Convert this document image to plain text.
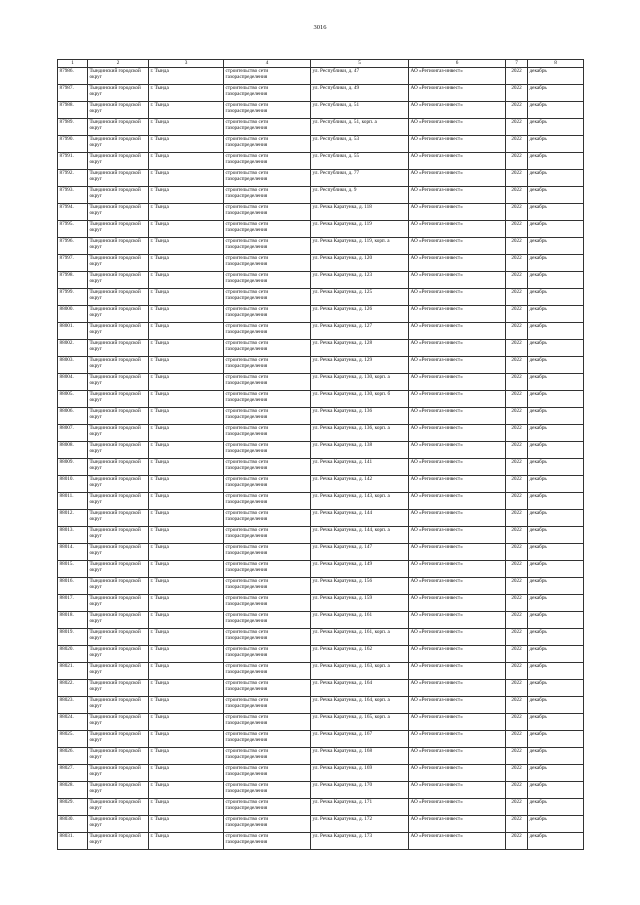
3016
1	2	3	4	5	6	7	8
87986.	Тындинский городской округ	г. Тында	строительство сети газораспределения	ул. Республики, д. 47	АО «Регионгаз-инвест»	2022	декабрь
87987.	Тындинский городской округ	г. Тында	строительство сети газораспределения	ул. Республики, д. 49	АО «Регионгаз-инвест»	2022	декабрь
87988.	Тындинский городской округ	г. Тында	строительство сети газораспределения	ул. Республики, д. 51	АО «Регионгаз-инвест»	2022	декабрь
87989.	Тындинский городской округ	г. Тында	строительство сети газораспределения	ул. Республики, д. 51, корп. а	АО «Регионгаз-инвест»	2022	декабрь
87990.	Тындинский городской округ	г. Тында	строительство сети газораспределения	ул. Республики, д. 53	АО «Регионгаз-инвест»	2022	декабрь
87991.	Тындинский городской округ	г. Тында	строительство сети газораспределения	ул. Республики, д. 55	АО «Регионгаз-инвест»	2022	декабрь
87992.	Тындинский городской округ	г. Тында	строительство сети газораспределения	ул. Республики, д. 77	АО «Регионгаз-инвест»	2022	декабрь
87993.	Тындинский городской округ	г. Тында	строительство сети газораспределения	ул. Республики, д. 9	АО «Регионгаз-инвест»	2022	декабрь
87994.	Тындинский городской округ	г. Тында	строительство сети газораспределения	ул. Речка Каратунка, д. 118	АО «Регионгаз-инвест»	2022	декабрь
87995.	Тындинский городской округ	г. Тында	строительство сети газораспределения	ул. Речка Каратунка, д. 119	АО «Регионгаз-инвест»	2022	декабрь
87996.	Тындинский городской округ	г. Тында	строительство сети газораспределения	ул. Речка Каратунка, д. 119, корп. а	АО «Регионгаз-инвест»	2022	декабрь
87997.	Тындинский городской округ	г. Тында	строительство сети газораспределения	ул. Речка Каратунка, д. 120	АО «Регионгаз-инвест»	2022	декабрь
87998.	Тындинский городской округ	г. Тында	строительство сети газораспределения	ул. Речка Каратунка, д. 123	АО «Регионгаз-инвест»	2022	декабрь
87999.	Тындинский городской округ	г. Тында	строительство сети газораспределения	ул. Речка Каратунка, д. 125	АО «Регионгаз-инвест»	2022	декабрь
88000.	Тындинский городской округ	г. Тында	строительство сети газораспределения	ул. Речка Каратунка, д. 126	АО «Регионгаз-инвест»	2022	декабрь
88001.	Тындинский городской округ	г. Тында	строительство сети газораспределения	ул. Речка Каратунка, д. 127	АО «Регионгаз-инвест»	2022	декабрь
88002.	Тындинский городской округ	г. Тында	строительство сети газораспределения	ул. Речка Каратунка, д. 128	АО «Регионгаз-инвест»	2022	декабрь
88003.	Тындинский городской округ	г. Тында	строительство сети газораспределения	ул. Речка Каратунка, д. 129	АО «Регионгаз-инвест»	2022	декабрь
88004.	Тындинский городской округ	г. Тында	строительство сети газораспределения	ул. Речка Каратунка, д. 130, корп. а	АО «Регионгаз-инвест»	2022	декабрь
88005.	Тындинский городской округ	г. Тында	строительство сети газораспределения	ул. Речка Каратунка, д. 130, корп. б	АО «Регионгаз-инвест»	2022	декабрь
88006.	Тындинский городской округ	г. Тында	строительство сети газораспределения	ул. Речка Каратунка, д. 136	АО «Регионгаз-инвест»	2022	декабрь
88007.	Тындинский городской округ	г. Тында	строительство сети газораспределения	ул. Речка Каратунка, д. 136, корп. а	АО «Регионгаз-инвест»	2022	декабрь
88008.	Тындинский городской округ	г. Тында	строительство сети газораспределения	ул. Речка Каратунка, д. 138	АО «Регионгаз-инвест»	2022	декабрь
88009.	Тындинский городской округ	г. Тында	строительство сети газораспределения	ул. Речка Каратунка, д. 141	АО «Регионгаз-инвест»	2022	декабрь
88010.	Тындинский городской округ	г. Тында	строительство сети газораспределения	ул. Речка Каратунка, д. 142	АО «Регионгаз-инвест»	2022	декабрь
88011.	Тындинский городской округ	г. Тында	строительство сети газораспределения	ул. Речка Каратунка, д. 143, корп. а	АО «Регионгаз-инвест»	2022	декабрь
88012.	Тындинский городской округ	г. Тында	строительство сети газораспределения	ул. Речка Каратунка, д. 144	АО «Регионгаз-инвест»	2022	декабрь
88013.	Тындинский городской округ	г. Тында	строительство сети газораспределения	ул. Речка Каратунка, д. 144, корп. а	АО «Регионгаз-инвест»	2022	декабрь
88014.	Тындинский городской округ	г. Тында	строительство сети газораспределения	ул. Речка Каратунка, д. 147	АО «Регионгаз-инвест»	2022	декабрь
88015.	Тындинский городской округ	г. Тында	строительство сети газораспределения	ул. Речка Каратунка, д. 149	АО «Регионгаз-инвест»	2022	декабрь
88016.	Тындинский городской округ	г. Тында	строительство сети газораспределения	ул. Речка Каратунка, д. 156	АО «Регионгаз-инвест»	2022	декабрь
88017.	Тындинский городской округ	г. Тында	строительство сети газораспределения	ул. Речка Каратунка, д. 159	АО «Регионгаз-инвест»	2022	декабрь
88018.	Тындинский городской округ	г. Тында	строительство сети газораспределения	ул. Речка Каратунка, д. 161	АО «Регионгаз-инвест»	2022	декабрь
88019.	Тындинский городской округ	г. Тында	строительство сети газораспределения	ул. Речка Каратунка, д. 161, корп. а	АО «Регионгаз-инвест»	2022	декабрь
88020.	Тындинский городской округ	г. Тында	строительство сети газораспределения	ул. Речка Каратунка, д. 162	АО «Регионгаз-инвест»	2022	декабрь
88021.	Тындинский городской округ	г. Тында	строительство сети газораспределения	ул. Речка Каратунка, д. 163, корп. а	АО «Регионгаз-инвест»	2022	декабрь
88022.	Тындинский городской округ	г. Тында	строительство сети газораспределения	ул. Речка Каратунка, д. 164	АО «Регионгаз-инвест»	2022	декабрь
88023.	Тындинский городской округ	г. Тында	строительство сети газораспределения	ул. Речка Каратунка, д. 164, корп. а	АО «Регионгаз-инвест»	2022	декабрь
88024.	Тындинский городской округ	г. Тында	строительство сети газораспределения	ул. Речка Каратунка, д. 165, корп. а	АО «Регионгаз-инвест»	2022	декабрь
88025.	Тындинский городской округ	г. Тында	строительство сети газораспределения	ул. Речка Каратунка, д. 167	АО «Регионгаз-инвест»	2022	декабрь
88026.	Тындинский городской округ	г. Тында	строительство сети газораспределения	ул. Речка Каратунка, д. 168	АО «Регионгаз-инвест»	2022	декабрь
88027.	Тындинский городской округ	г. Тында	строительство сети газораспределения	ул. Речка Каратунка, д. 169	АО «Регионгаз-инвест»	2022	декабрь
88028.	Тындинский городской округ	г. Тында	строительство сети газораспределения	ул. Речка Каратунка, д. 170	АО «Регионгаз-инвест»	2022	декабрь
88029.	Тындинский городской округ	г. Тында	строительство сети газораспределения	ул. Речка Каратунка, д. 171	АО «Регионгаз-инвест»	2022	декабрь
88030.	Тындинский городской округ	г. Тында	строительство сети газораспределения	ул. Речка Каратунка, д. 172	АО «Регионгаз-инвест»	2022	декабрь
88031.	Тындинский городской округ	г. Тында	строительство сети газораспределения	ул. Речка Каратунка, д. 173	АО «Регионгаз-инвест»	2022	декабрь
